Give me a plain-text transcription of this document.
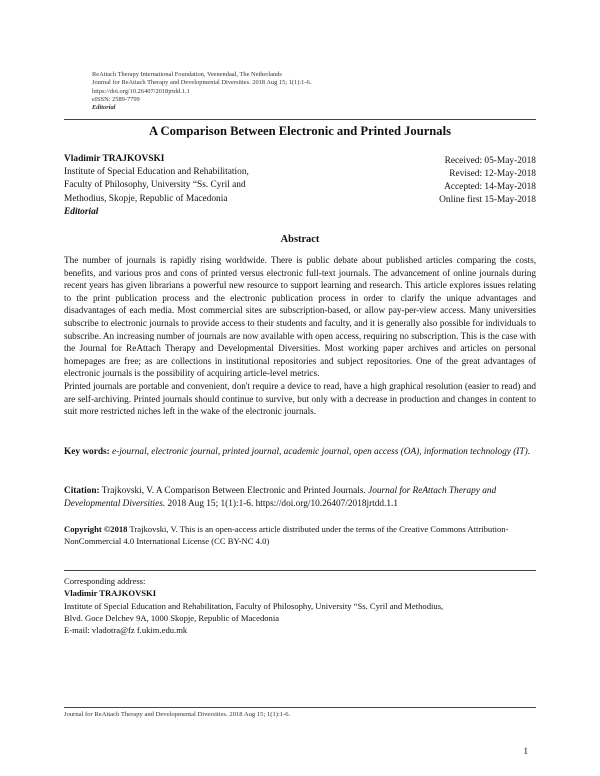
ReAttach Therapy International Foundation, Veenendaal, The Netherlands
Journal for ReAttach Therapy and Developmental Diversities. 2018 Aug 15; 1(1):1-6.
https://doi.org/10.26407/2018jrtdd.1.1
eISSN: 2589-7799
Editorial
A Comparison Between Electronic and Printed Journals
Vladimir TRAJKOVSKI
Institute of Special Education and Rehabilitation,
Faculty of Philosophy, University “Ss. Cyril and
Methodius, Skopje, Republic of Macedonia
Editorial
Received: 05-May-2018
Revised: 12-May-2018
Accepted: 14-May-2018
Online first 15-May-2018
Abstract

The number of journals is rapidly rising worldwide. There is public debate about published articles comparing the costs, benefits, and various pros and cons of printed versus electronic full-text journals. The advancement of online journals during recent years has given librarians a powerful new resource to support learning and research. This article explores issues relating to the print publication process and the electronic publication process in order to clarify the unique advantages and disadvantages of each media. Most commercial sites are subscription-based, or allow pay-per-view access. Many universities subscribe to electronic journals to provide access to their students and faculty, and it is generally also possible for individuals to subscribe. An increasing number of journals are now available with open access, requiring no subscription. This is the case with the Journal for ReAttach Therapy and Developmental Diversities. Most working paper archives and articles on personal homepages are free; as are collections in institutional repositories and subject repositories. One of the great advantages of electronic journals is the possibility of acquiring article-level metrics.

Printed journals are portable and convenient, don't require a device to read, have a high graphical resolution (easier to read) and are self-archiving. Printed journals should continue to survive, but only with a decrease in production and changes in content to suit more restricted niches left in the wake of the electronic journals.

Key words: e-journal, electronic journal, printed journal, academic journal, open access (OA), information technology (IT).
Citation: Trajkovski, V. A Comparison Between Electronic and Printed Journals. Journal for ReAttach Therapy and Developmental Diversities. 2018 Aug 15; 1(1):1-6. https://doi.org/10.26407/2018jrtdd.1.1
Copyright ©2018 Trajkovski, V. This is an open-access article distributed under the terms of the Creative Commons Attribution-NonCommercial 4.0 International License (CC BY-NC 4.0)
Corresponding address:
Vladimir TRAJKOVSKI
Institute of Special Education and Rehabilitation, Faculty of Philosophy, University “Ss. Cyril and Methodius,
Blvd. Goce Delchev 9A, 1000 Skopje, Republic of Macedonia
E-mail: vladotra@fz f.ukim.edu.mk
Journal for ReAttach Therapy and Developmental Diversities. 2018 Aug 15; 1(1):1-6.
1
